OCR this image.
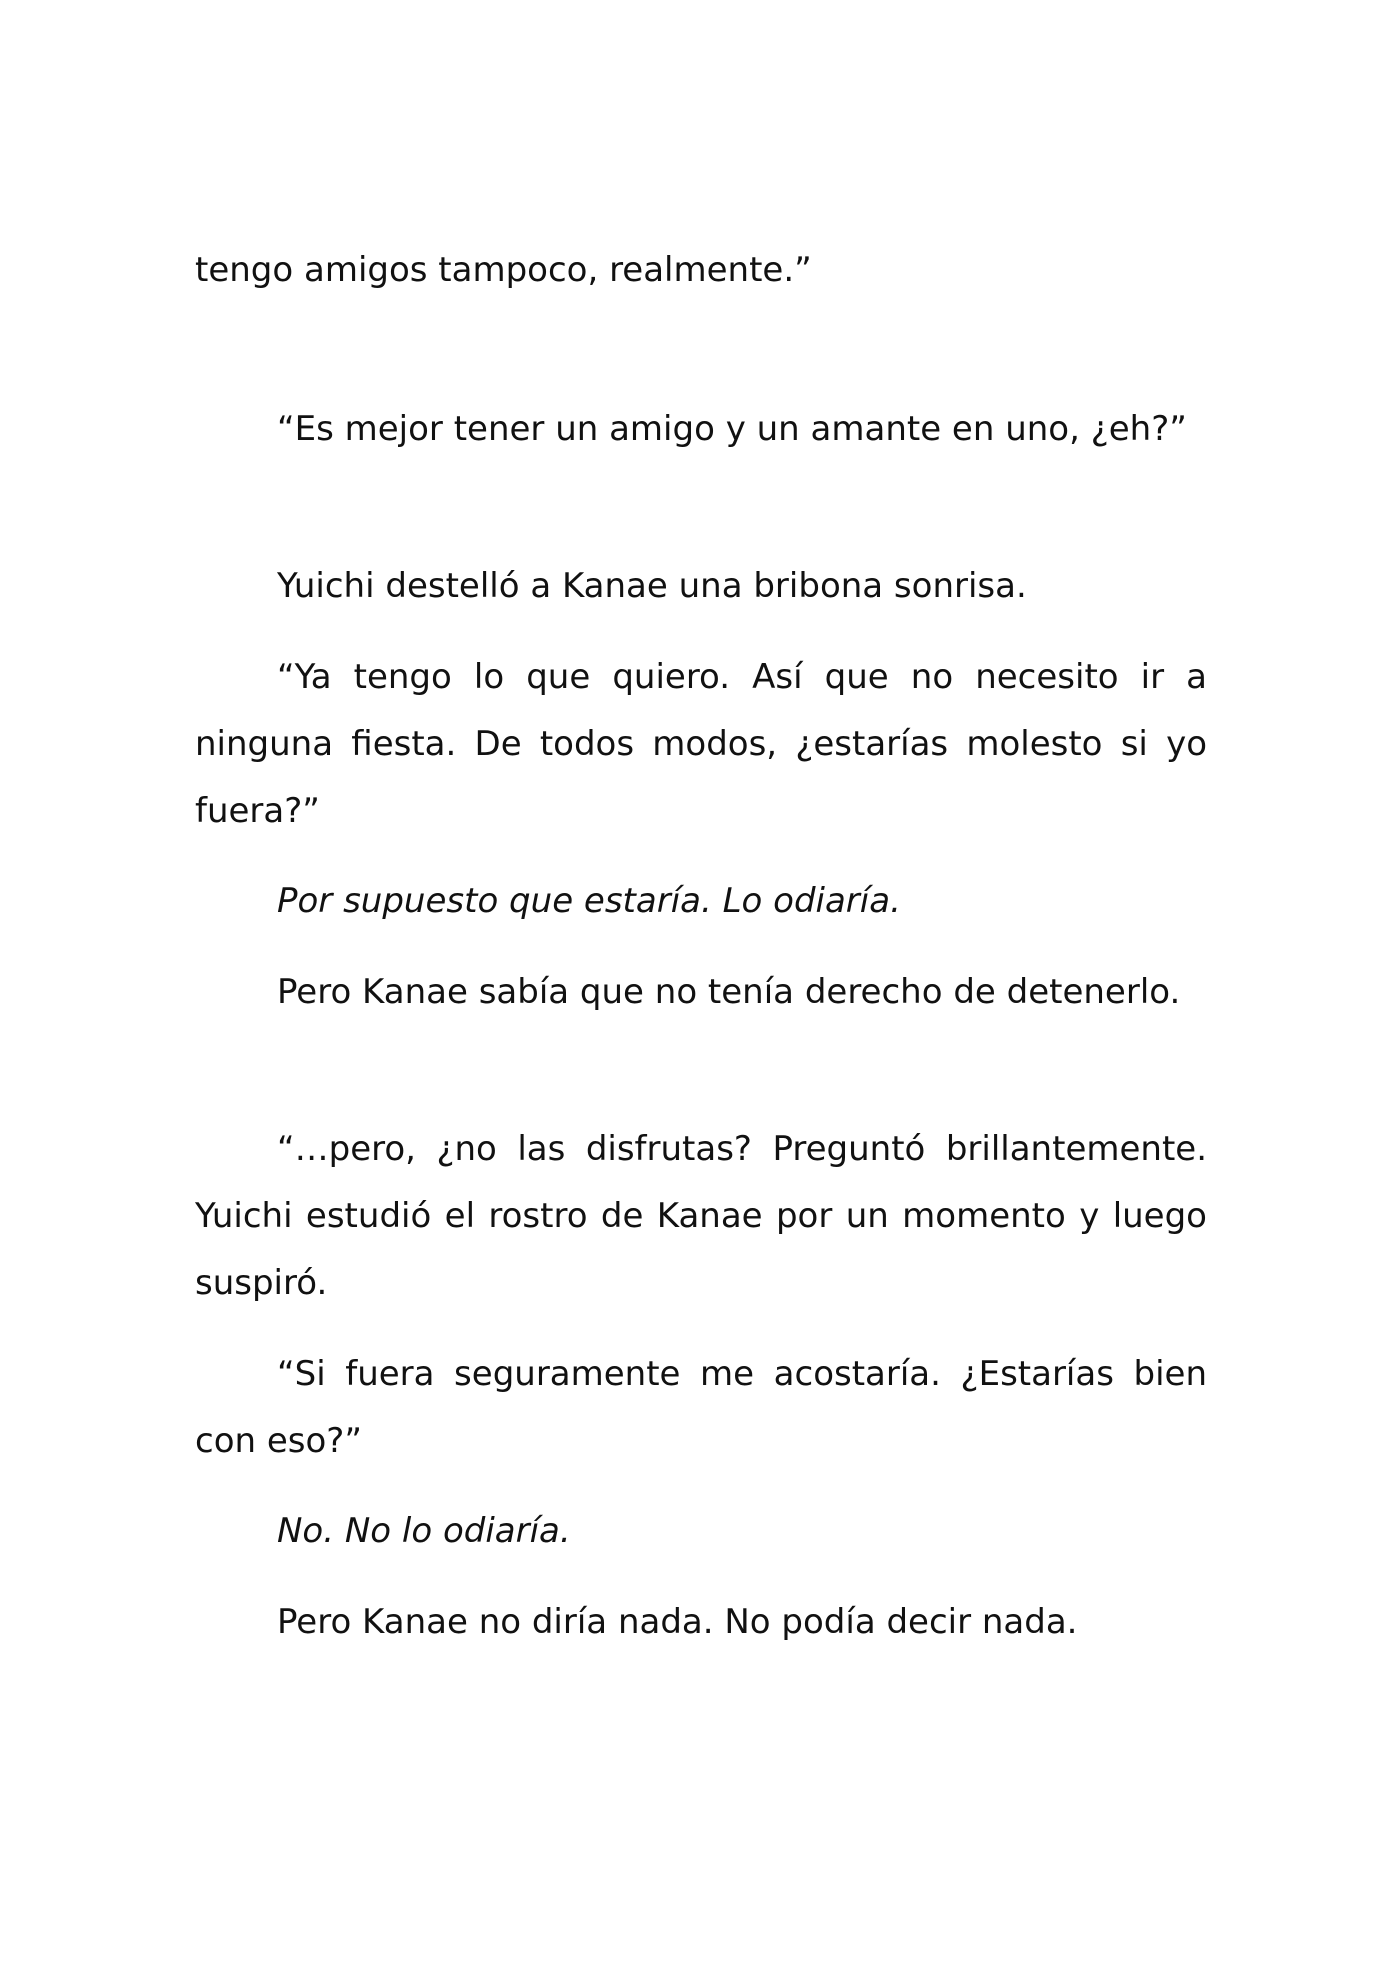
tengo amigos tampoco, realmente.”

“Es mejor tener un amigo y un amante en uno, ¿eh?”

Yuichi destelló a Kanae una bribona sonrisa.

“Ya tengo lo que quiero. Así que no necesito ir a ninguna fiesta. De todos modos, ¿estarías molesto si yo fuera?”

Por supuesto que estaría. Lo odiaría.

Pero Kanae sabía que no tenía derecho de detenerlo.

“…pero, ¿no las disfrutas? Preguntó brillantemente. Yuichi estudió el rostro de Kanae por un momento y luego suspiró.

“Si fuera seguramente me acostaría. ¿Estarías bien con eso?”

No. No lo odiaría.

Pero Kanae no diría nada. No podía decir nada.
